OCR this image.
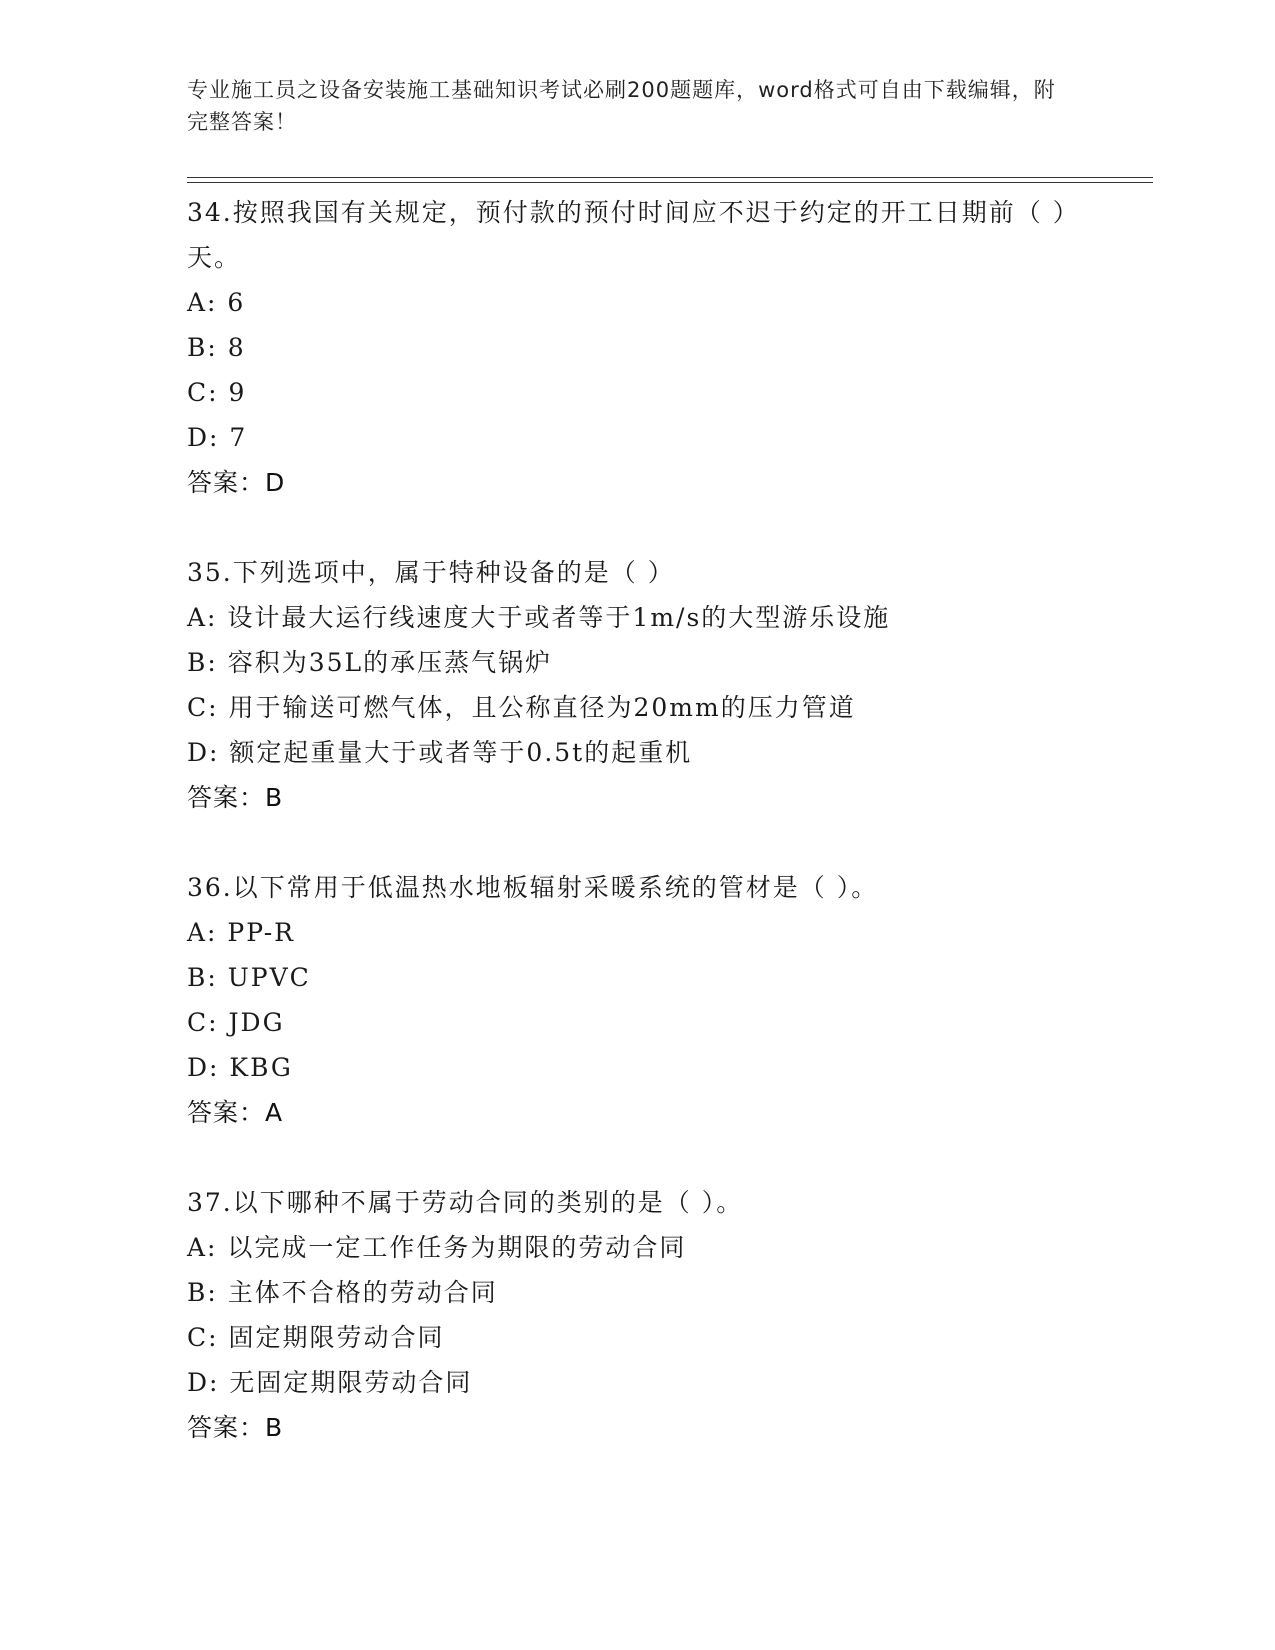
专业施工员之设备安装施工基础知识考试必刷200题题库，word格式可自由下载编辑，附完整答案！
34.按照我国有关规定，预付款的预付时间应不迟于约定的开工日期前（ ）天。
A: 6
B: 8
C: 9
D: 7
答案：D
35.下列选项中，属于特种设备的是（ ）
A: 设计最大运行线速度大于或者等于1m/s的大型游乐设施
B: 容积为35L的承压蒸气锅炉
C: 用于输送可燃气体，且公称直径为20mm的压力管道
D: 额定起重量大于或者等于0.5t的起重机
答案：B
36.以下常用于低温热水地板辐射采暖系统的管材是（ ）。
A: PP-R
B: UPVC
C: JDG
D: KBG
答案：A
37.以下哪种不属于劳动合同的类别的是（ ）。
A: 以完成一定工作任务为期限的劳动合同
B: 主体不合格的劳动合同
C: 固定期限劳动合同
D: 无固定期限劳动合同
答案：B
